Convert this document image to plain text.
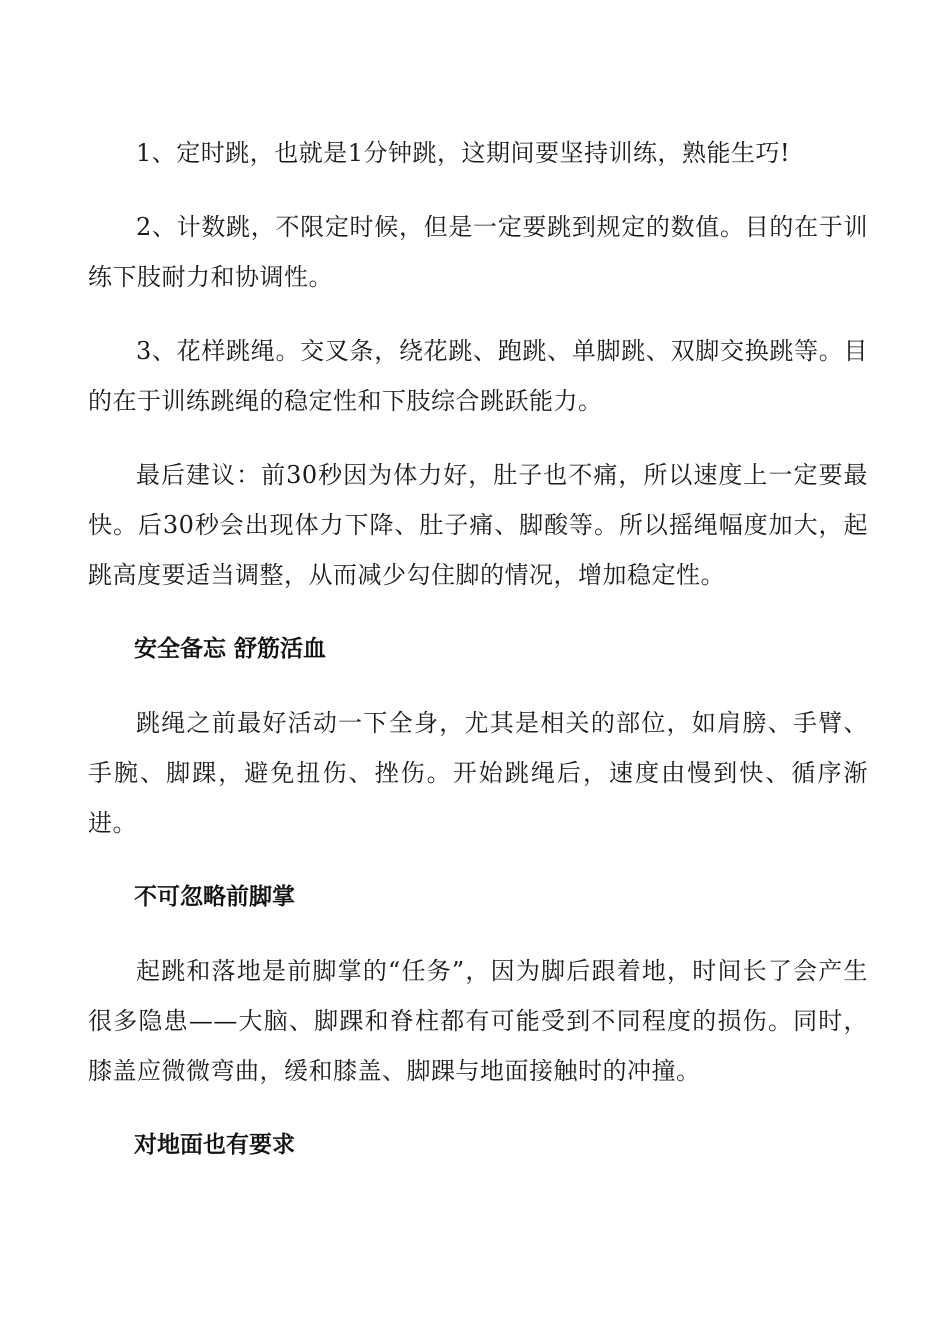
1、定时跳，也就是1分钟跳，这期间要坚持训练，熟能生巧!

2、计数跳，不限定时候，但是一定要跳到规定的数值。目的在于训练下肢耐力和协调性。

3、花样跳绳。交叉条，绕花跳、跑跳、单脚跳、双脚交换跳等。目的在于训练跳绳的稳定性和下肢综合跳跃能力。

最后建议：前30秒因为体力好，肚子也不痛，所以速度上一定要最快。后30秒会出现体力下降、肚子痛、脚酸等。所以摇绳幅度加大，起跳高度要适当调整，从而减少勾住脚的情况，增加稳定性。

安全备忘 舒筋活血

跳绳之前最好活动一下全身，尤其是相关的部位，如肩膀、手臂、手腕、脚踝，避免扭伤、挫伤。开始跳绳后，速度由慢到快、循序渐进。

不可忽略前脚掌

起跳和落地是前脚掌的“任务”，因为脚后跟着地，时间长了会产生很多隐患——大脑、脚踝和脊柱都有可能受到不同程度的损伤。同时，膝盖应微微弯曲，缓和膝盖、脚踝与地面接触时的冲撞。

对地面也有要求
